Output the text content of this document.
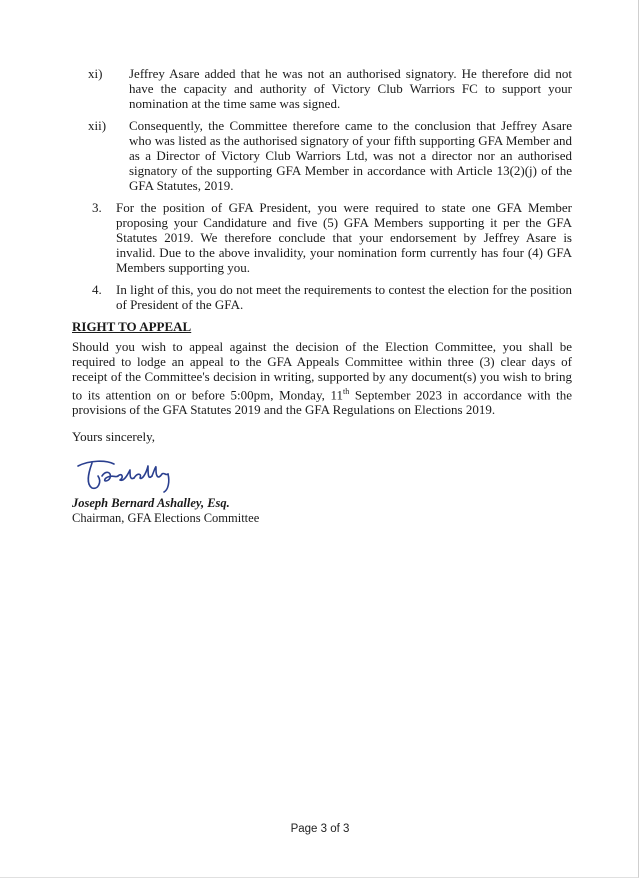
xi)	Jeffrey Asare added that he was not an authorised signatory. He therefore did not have the capacity and authority of Victory Club Warriors FC to support your nomination at the time same was signed.
xii)	Consequently, the Committee therefore came to the conclusion that Jeffrey Asare who was listed as the authorised signatory of your fifth supporting GFA Member and as a Director of Victory Club Warriors Ltd, was not a director nor an authorised signatory of the supporting GFA Member in accordance with Article 13(2)(j) of the GFA Statutes, 2019.
3.	For the position of GFA President, you were required to state one GFA Member proposing your Candidature and five (5) GFA Members supporting it per the GFA Statutes 2019. We therefore conclude that your endorsement by Jeffrey Asare is invalid. Due to the above invalidity, your nomination form currently has four (4) GFA Members supporting you.
4.	In light of this, you do not meet the requirements to contest the election for the position of President of the GFA.
RIGHT TO APPEAL
Should you wish to appeal against the decision of the Election Committee, you shall be required to lodge an appeal to the GFA Appeals Committee within three (3) clear days of receipt of the Committee's decision in writing, supported by any document(s) you wish to bring to its attention on or before 5:00pm, Monday, 11th September 2023 in accordance with the provisions of the GFA Statutes 2019 and the GFA Regulations on Elections 2019.
Yours sincerely,
Joseph Bernard Ashalley, Esq.
Chairman, GFA Elections Committee
Page 3 of 3
